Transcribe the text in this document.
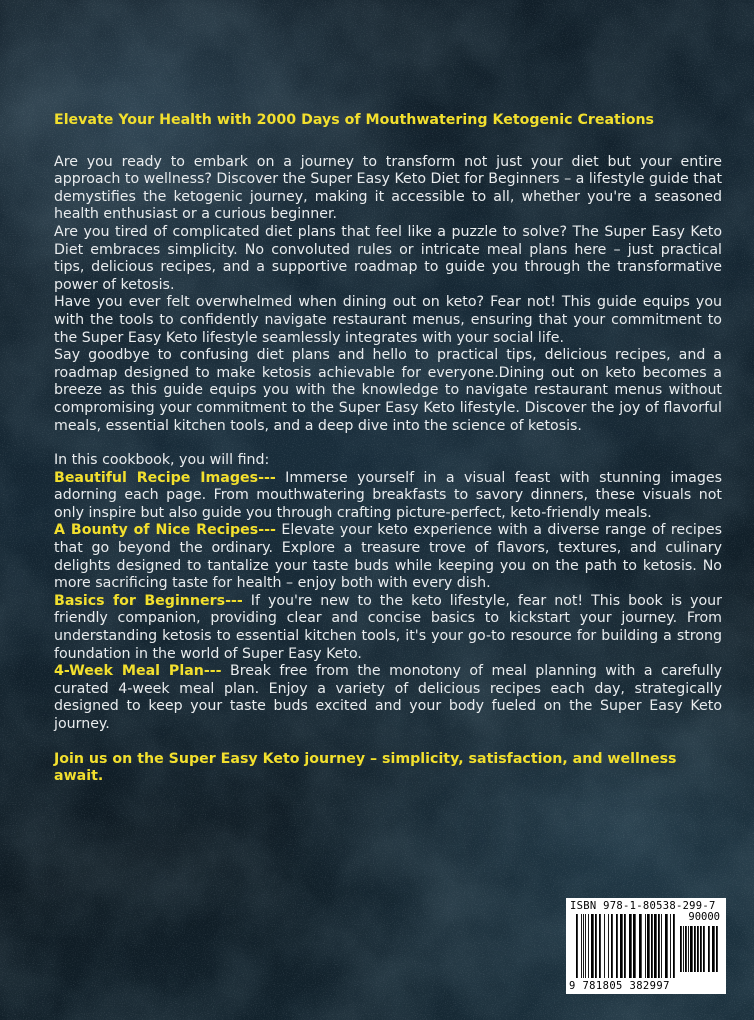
Elevate Your Health with 2000 Days of Mouthwatering Ketogenic Creations

Are you ready to embark on a journey to transform not just your diet but your entire approach to wellness? Discover the Super Easy Keto Diet for Beginners – a lifestyle guide that demystifies the ketogenic journey, making it accessible to all, whether you're a seasoned health enthusiast or a curious beginner.

Are you tired of complicated diet plans that feel like a puzzle to solve? The Super Easy Keto Diet embraces simplicity. No convoluted rules or intricate meal plans here – just practical tips, delicious recipes, and a supportive roadmap to guide you through the transformative power of ketosis.

Have you ever felt overwhelmed when dining out on keto? Fear not! This guide equips you with the tools to confidently navigate restaurant menus, ensuring that your commitment to the Super Easy Keto lifestyle seamlessly integrates with your social life.

Say goodbye to confusing diet plans and hello to practical tips, delicious recipes, and a roadmap designed to make ketosis achievable for everyone.Dining out on keto becomes a breeze as this guide equips you with the knowledge to navigate restaurant menus without compromising your commitment to the Super Easy Keto lifestyle. Discover the joy of flavorful meals, essential kitchen tools, and a deep dive into the science of ketosis.

In this cookbook, you will find:

Beautiful Recipe Images--- Immerse yourself in a visual feast with stunning images adorning each page. From mouthwatering breakfasts to savory dinners, these visuals not only inspire but also guide you through crafting picture-perfect, keto-friendly meals.

A Bounty of Nice Recipes--- Elevate your keto experience with a diverse range of recipes that go beyond the ordinary. Explore a treasure trove of flavors, textures, and culinary delights designed to tantalize your taste buds while keeping you on the path to ketosis. No more sacrificing taste for health – enjoy both with every dish.

Basics for Beginners--- If you're new to the keto lifestyle, fear not! This book is your friendly companion, providing clear and concise basics to kickstart your journey. From understanding ketosis to essential kitchen tools, it's your go-to resource for building a strong foundation in the world of Super Easy Keto.

4-Week Meal Plan--- Break free from the monotony of meal planning with a carefully curated 4-week meal plan. Enjoy a variety of delicious recipes each day, strategically designed to keep your taste buds excited and your body fueled on the Super Easy Keto journey.

Join us on the Super Easy Keto journey – simplicity, satisfaction, and wellness await.

ISBN 978-1-80538-299-7
90000
9 781805 382997
